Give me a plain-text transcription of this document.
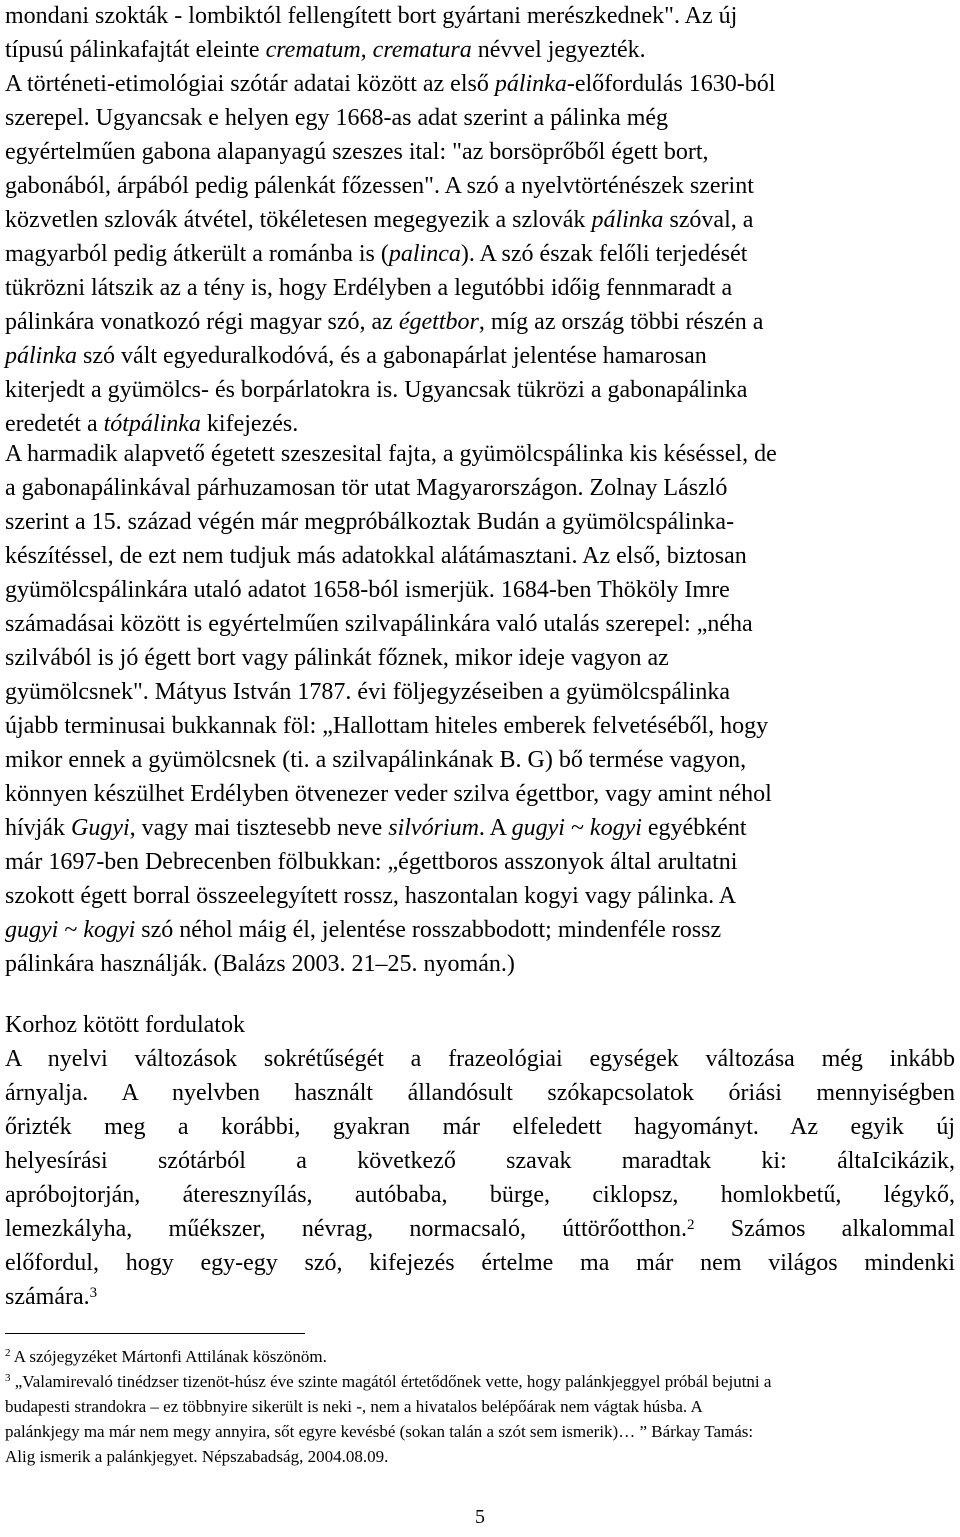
mondani szokták - lombiktól fellengített bort gyártani merészkednek". Az új
típusú pálinkafajtát eleinte crematum, crematura névvel jegyezték.
A történeti-etimológiai szótár adatai között az első pálinka-előfordulás 1630-ból
szerepel. Ugyancsak e helyen egy 1668-as adat szerint a pálinka még
egyértelműen gabona alapanyagú szeszes ital: "az borsöprőből égett bort,
gabonából, árpából pedig pálenkát főzessen". A szó a nyelvtörténészek szerint
közvetlen szlovák átvétel, tökéletesen megegyezik a szlovák pálinka szóval, a
magyarból pedig átkerült a románba is (palinca). A szó észak felőli terjedését
tükrözni látszik az a tény is, hogy Erdélyben a legutóbbi időig fennmaradt a
pálinkára vonatkozó régi magyar szó, az égettbor, míg az ország többi részén a
pálinka szó vált egyeduralkodóvá, és a gabonapárlat jelentése hamarosan
kiterjedt a gyümölcs- és borpárlatokra is. Ugyancsak tükrözi a gabonapálinka
eredetét a tótpálinka kifejezés.
A harmadik alapvető égetett szeszesital fajta, a gyümölcspálinka kis késéssel, de
a gabonapálinkával párhuzamosan tör utat Magyarországon. Zolnay László
szerint a 15. század végén már megpróbálkoztak Budán a gyümölcspálinka-
készítéssel, de ezt nem tudjuk más adatokkal alátámasztani. Az első, biztosan
gyümölcspálinkára utaló adatot 1658-ból ismerjük. 1684-ben Thököly Imre
számadásai között is egyértelműen szilvapálinkára való utalás szerepel: „néha
szilvából is jó égett bort vagy pálinkát főznek, mikor ideje vagyon az
gyümölcsnek". Mátyus István 1787. évi följegyzéseiben a gyümölcspálinka
újabb terminusai bukkannak föl: „Hallottam hiteles emberek felvetéséből, hogy
mikor ennek a gyümölcsnek (ti. a szilvapálinkának B. G) bő termése vagyon,
könnyen készülhet Erdélyben ötvenezer veder szilva égettbor, vagy amint néhol
hívják Gugyi, vagy mai tisztesebb neve silvórium. A gugyi ~ kogyi egyébként
már 1697-ben Debrecenben fölbukkan: „égettboros asszonyok által arultatni
szokott égett borral összeelegyített rossz, haszontalan kogyi vagy pálinka. A
gugyi ~ kogyi szó néhol máig él, jelentése rosszabbodott; mindenféle rossz
pálinkára használják. (Balázs 2003. 21–25. nyomán.)
Korhoz kötött fordulatok
A nyelvi változások sokrétűségét a frazeológiai egységek változása még inkább
árnyalja. A nyelvben használt állandósult szókapcsolatok óriási mennyiségben
őrizték meg a korábbi, gyakran már elfeledett hagyományt. Az egyik új
helyesírási szótárból a következő szavak maradtak ki: áltaIcikázik,
apróbojtorján, áteresznyílás, autóbaba, bürge, ciklopsz, homlokbetű, légykő,
lemezkályha, műékszer, névrag, normacsaló, úttörőotthon.$^2$ Számos alkalommal
előfordul, hogy egy-egy szó, kifejezés értelme ma már nem világos mindenki
számára.$^3$
$^2$ A szójegyzéket Mártonfi Attilának köszönöm.
$^3$ „Valamirevaló tinédzser tizenöt-húsz éve szinte magától értetődőnek vette, hogy palánkjeggyel próbál bejutni a
budapesti strandokra – ez többnyire sikerült is neki -, nem a hivatalos belépőárak nem vágtak húsba. A
palánkjegy ma már nem megy annyira, sőt egyre kevésbé (sokan talán a szót sem ismerik)… ” Bárkay Tamás:
Alig ismerik a palánkjegyet. Népszabadság, 2004.08.09.
5
